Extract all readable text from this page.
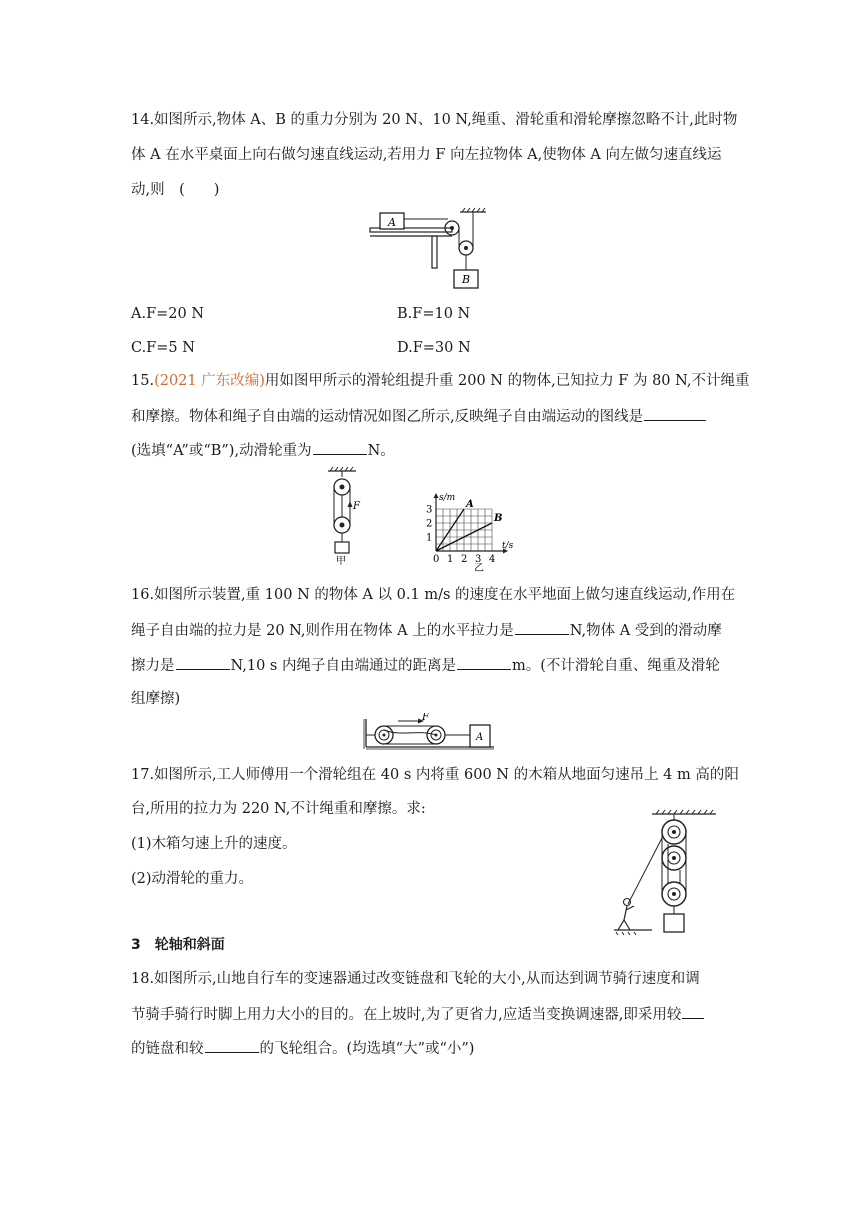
14.如图所示,物体 A、B 的重力分别为 20 N、10 N,绳重、滑轮重和滑轮摩擦忽略不计,此时物
体 A 在水平桌面上向右做匀速直线运动,若用力 F 向左拉物体 A,使物体 A 向左做匀速直线运
动,则　(　　)
A
B
A.F=20 N	B.F=10 N
C.F=5 N	D.F=30 N
15.(2021 广东改编)用如图甲所示的滑轮组提升重 200 N 的物体,已知拉力 F 为 80 N,不计绳重
和摩擦。物体和绳子自由端的运动情况如图乙所示,反映绳子自由端运动的图线是
(选填“A”或“B”),动滑轮重为	N。
F
甲	0 1 2 3 4
1
2
3
t/s
s/m
A
B
乙
16.如图所示装置,重 100 N 的物体 A 以 0.1 m/s 的速度在水平地面上做匀速直线运动,作用在
绳子自由端的拉力是 20 N,则作用在物体 A 上的水平拉力是	N,物体 A 受到的滑动摩
擦力是	N,10 s 内绳子自由端通过的距离是	m。(不计滑轮自重、绳重及滑轮
组摩擦)
F
A
17.如图所示,工人师傅用一个滑轮组在 40 s 内将重 600 N 的木箱从地面匀速吊上 4 m 高的阳
台,所用的拉力为 220 N,不计绳重和摩擦。求:
(1)木箱匀速上升的速度。
(2)动滑轮的重力。
3　轮轴和斜面
18.如图所示,山地自行车的变速器通过改变链盘和飞轮的大小,从而达到调节骑行速度和调
节骑手骑行时脚上用力大小的目的。在上坡时,为了更省力,应适当变换调速器,即采用较
的链盘和较	的飞轮组合。(均选填“大”或“小”)
